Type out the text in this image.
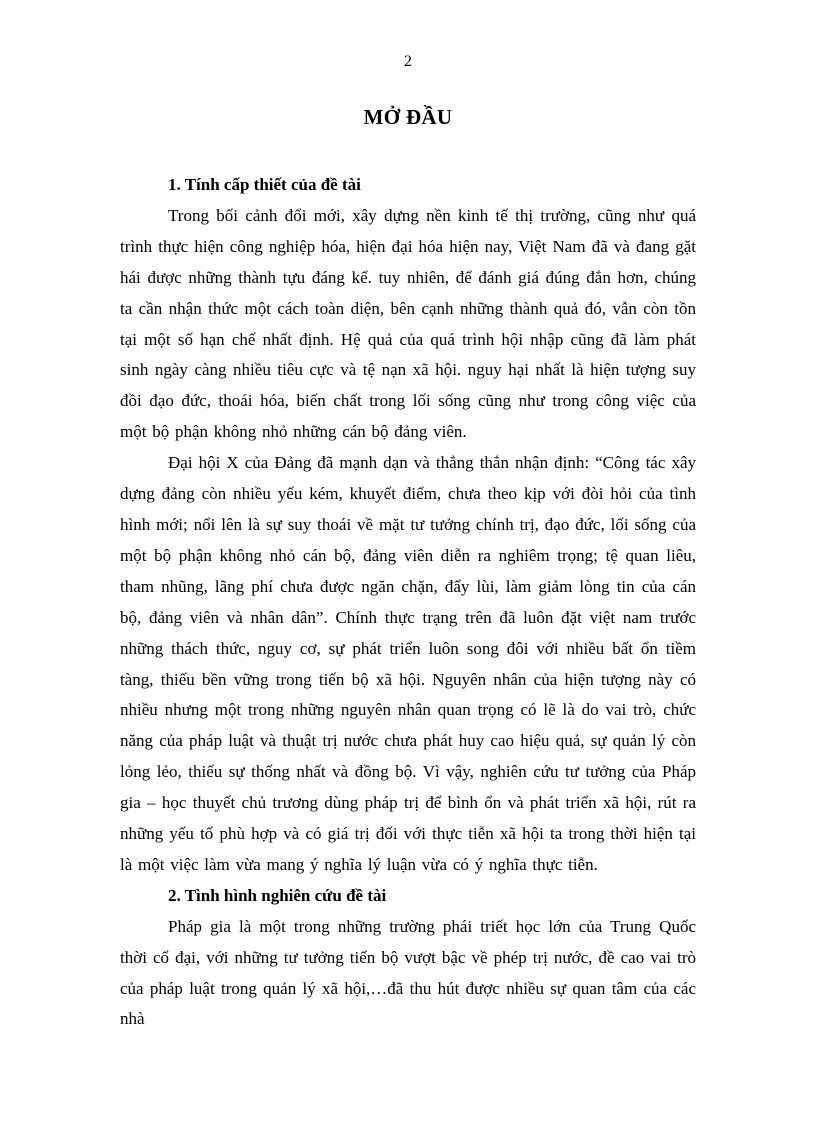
2
MỞ ĐẦU
1. Tính cấp thiết của đề tài

Trong bối cảnh đổi mới, xây dựng nền kinh tế thị trường, cũng như quá trình thực hiện công nghiệp hóa, hiện đại hóa hiện nay, Việt Nam đã và đang gặt hái được những thành tựu đáng kể. tuy nhiên, để đánh giá đúng đắn hơn, chúng ta cần nhận thức một cách toàn diện, bên cạnh những thành quả đó, vẫn còn tồn tại một số hạn chế nhất định. Hệ quả của quá trình hội nhập cũng đã làm phát sinh ngày càng nhiều tiêu cực và tệ nạn xã hội. nguy hại nhất là hiện tượng suy đồi đạo đức, thoái hóa, biến chất trong lối sống cũng như trong công việc của một bộ phận không nhỏ những cán bộ đảng viên.

Đại hội X của Đảng đã mạnh dạn và thẳng thắn nhận định: “Công tác xây dựng đảng còn nhiều yếu kém, khuyết điểm, chưa theo kịp với đòi hỏi của tình hình mới; nổi lên là sự suy thoái về mặt tư tưởng chính trị, đạo đức, lối sống của một bộ phận không nhỏ cán bộ, đảng viên diễn ra nghiêm trọng; tệ quan liêu, tham nhũng, lãng phí chưa được ngăn chặn, đẩy lùi, làm giảm lòng tin của cán bộ, đảng viên và nhân dân”. Chính thực trạng trên đã luôn đặt việt nam trước những thách thức, nguy cơ, sự phát triển luôn song đôi với nhiều bất ổn tiềm tàng, thiếu bền vững trong tiến bộ xã hội. Nguyên nhân của hiện tượng này có nhiều nhưng một trong những nguyên nhân quan trọng có lẽ là do vai trò, chức năng của pháp luật và thuật trị nước chưa phát huy cao hiệu quả, sự quản lý còn lỏng lẻo, thiếu sự thống nhất và đồng bộ. Vì vậy, nghiên cứu tư tưởng của Pháp gia – học thuyết chủ trương dùng pháp trị để bình ổn và phát triển xã hội, rút ra những yếu tố phù hợp và có giá trị đối với thực tiễn xã hội ta trong thời hiện tại là một việc làm vừa mang ý nghĩa lý luận vừa có ý nghĩa thực tiễn.

2. Tình hình nghiên cứu đề tài

Pháp gia là một trong những trường phái triết học lớn của Trung Quốc thời cổ đại, với những tư tưởng tiến bộ vượt bậc về phép trị nước, đề cao vai trò của pháp luật trong quản lý xã hội,…đã thu hút được nhiều sự quan tâm của các nhà
